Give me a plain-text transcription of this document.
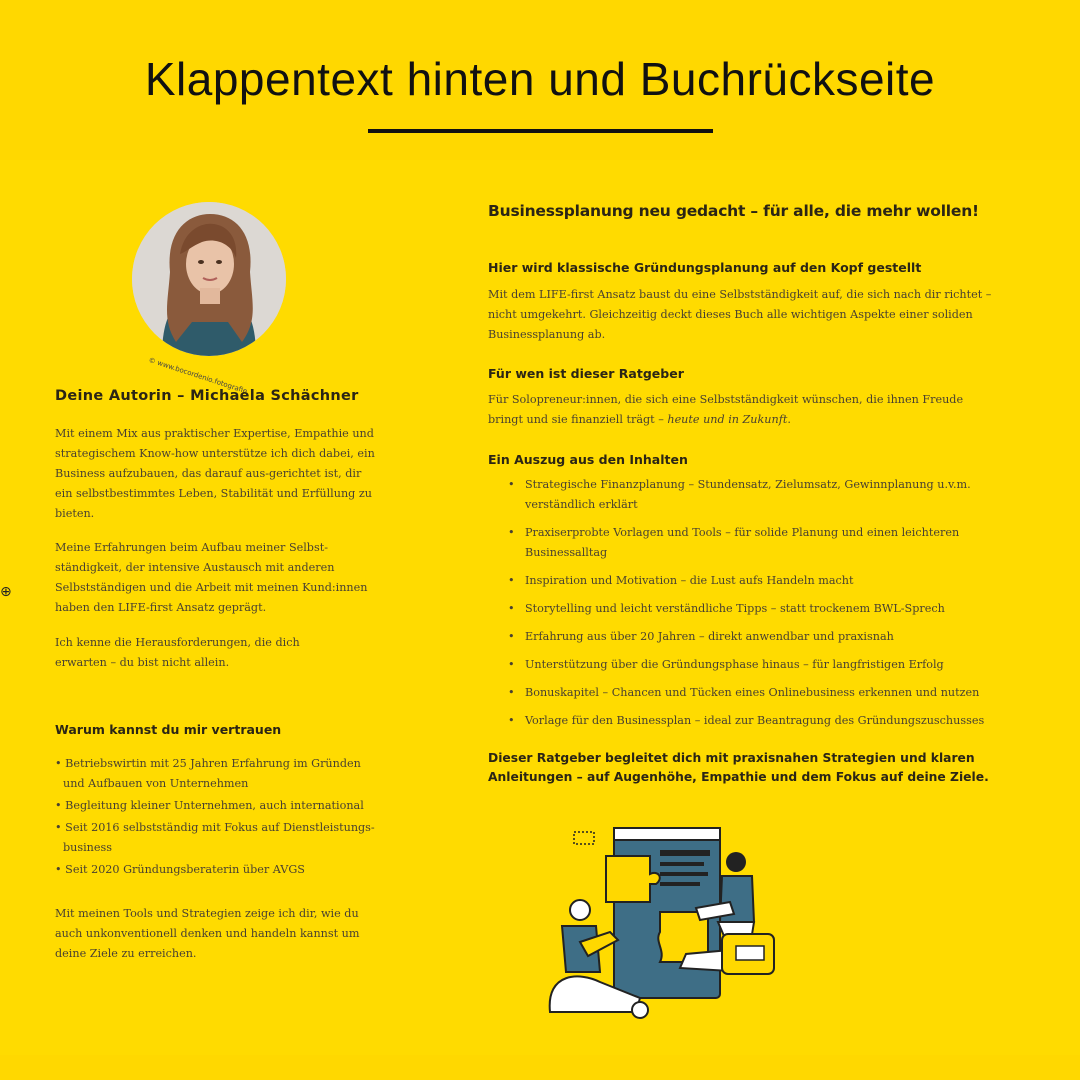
Klappentext hinten und Buchrückseite
© www.bocordenio.fotografie
Deine Autorin – Michaela Schächner
Mit einem Mix aus praktischer Expertise, Empathie und strategischem Know-how unterstütze ich dich dabei, ein Business aufzubauen, das darauf aus-gerichtet ist, dir ein selbstbestimmtes Leben, Stabilität und Erfüllung zu bieten.
Meine Erfahrungen beim Aufbau meiner Selbst-ständigkeit, der intensive Austausch mit anderen Selbstständigen und die Arbeit mit meinen Kund:innen haben den LIFE-first Ansatz geprägt.
Ich kenne die Herausforderungen, die dich erwarten – du bist nicht allein.
Warum kannst du mir vertrauen
• Betriebswirtin mit 25 Jahren Erfahrung im Gründen und Aufbauen von Unternehmen
• Begleitung kleiner Unternehmen, auch international
• Seit 2016 selbstständig mit Fokus auf Dienstleistungs-business
• Seit 2020 Gründungsberaterin über AVGS
Mit meinen Tools und Strategien zeige ich dir, wie du auch unkonventionell denken und handeln kannst um deine Ziele zu erreichen.
⊕
Businessplanung neu gedacht – für alle, die mehr wollen!
Hier wird klassische Gründungsplanung auf den Kopf gestellt
Mit dem LIFE-first Ansatz baust du eine Selbstständigkeit auf, die sich nach dir richtet – nicht umgekehrt. Gleichzeitig deckt dieses Buch alle wichtigen Aspekte einer soliden Businessplanung ab.
Für wen ist dieser Ratgeber
Für Solopreneur:innen, die sich eine Selbstständigkeit wünschen, die ihnen Freude bringt und sie finanziell trägt – heute und in Zukunft.
Ein Auszug aus den Inhalten
• Strategische Finanzplanung – Stundensatz, Zielumsatz, Gewinnplanung u.v.m. verständlich erklärt
• Praxiserprobte Vorlagen und Tools – für solide Planung und einen leichteren Businessalltag
• Inspiration und Motivation – die Lust aufs Handeln macht
• Storytelling und leicht verständliche Tipps – statt trockenem BWL-Sprech
• Erfahrung aus über 20 Jahren – direkt anwendbar und praxisnah
• Unterstützung über die Gründungsphase hinaus – für langfristigen Erfolg
• Bonuskapitel – Chancen und Tücken eines Onlinebusiness erkennen und nutzen
• Vorlage für den Businessplan – ideal zur Beantragung des Gründungszuschusses
Dieser Ratgeber begleitet dich mit praxisnahen Strategien und klaren Anleitungen – auf Augenhöhe, Empathie und dem Fokus auf deine Ziele.
